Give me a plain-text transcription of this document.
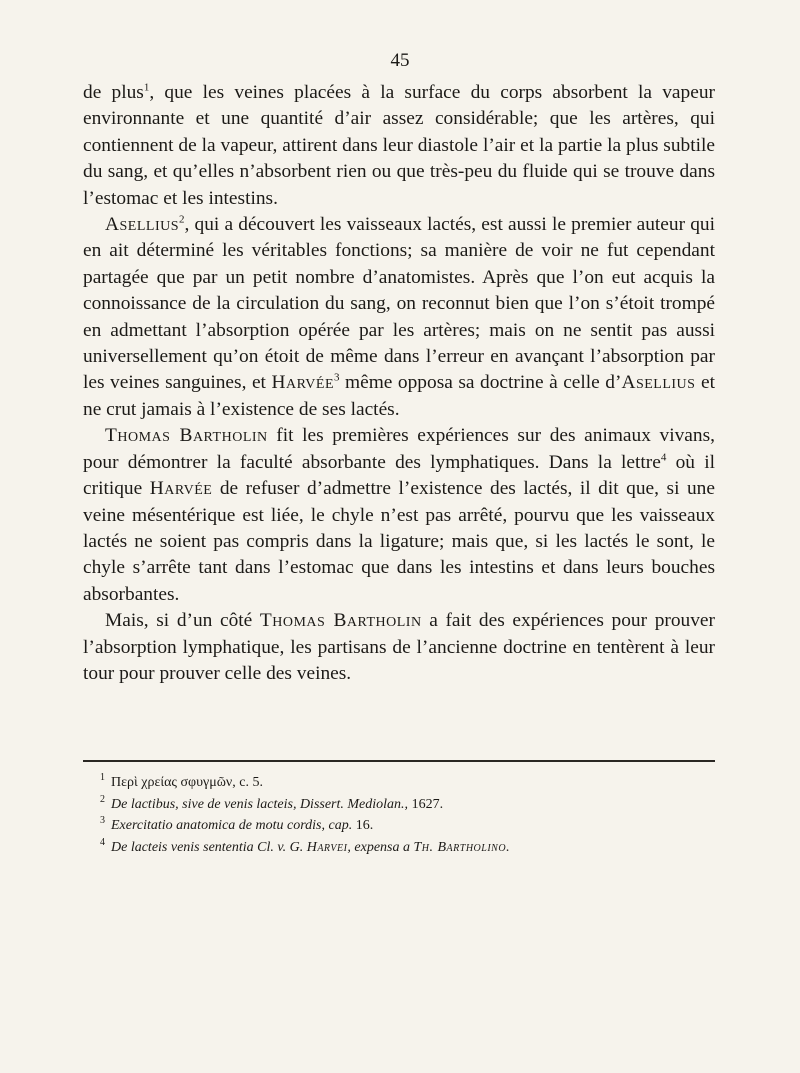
45

de plus$^1$, que les veines placées à la surface du corps absorbent la vapeur environnante et une quantité d’air assez considérable; que les artères, qui contiennent de la vapeur, attirent dans leur diastole l’air et la partie la plus subtile du sang, et qu’elles n’absorbent rien ou que très-peu du fluide qui se trouve dans l’estomac et les intestins.

Asellius$^2$, qui a découvert les vaisseaux lactés, est aussi le premier auteur qui en ait déterminé les véritables fonctions; sa manière de voir ne fut cependant partagée que par un petit nombre d’anatomistes. Après que l’on eut acquis la connoissance de la circulation du sang, on reconnut bien que l’on s’étoit trompé en admettant l’absorption opérée par les artères; mais on ne sentit pas aussi universellement qu’on étoit de même dans l’erreur en avançant l’absorption par les veines sanguines, et Harvée$^3$ même opposa sa doctrine à celle d’Asellius et ne crut jamais à l’existence de ses lactés.

Thomas Bartholin fit les premières expériences sur des animaux vivans, pour démontrer la faculté absorbante des lymphatiques. Dans la lettre$^4$ où il critique Harvée de refuser d’admettre l’existence des lactés, il dit que, si une veine mésentérique est liée, le chyle n’est pas arrêté, pourvu que les vaisseaux lactés ne soient pas compris dans la ligature; mais que, si les lactés le sont, le chyle s’arrête tant dans l’estomac que dans les intestins et dans leurs bouches absorbantes.

Mais, si d’un côté Thomas Bartholin a fait des expériences pour prouver l’absorption lymphatique, les partisans de l’ancienne doctrine en tentèrent à leur tour pour prouver celle des veines.

$^1$ Περὶ χρείας σφυγμῶν, c. 5.

$^2$ De lactibus, sive de venis lacteis, Dissert. Mediolan., 1627.

$^3$ Exercitatio anatomica de motu cordis, cap. 16.

$^4$ De lacteis venis sententia Cl. v. G. Harvei, expensa a Th. Bartholino.
